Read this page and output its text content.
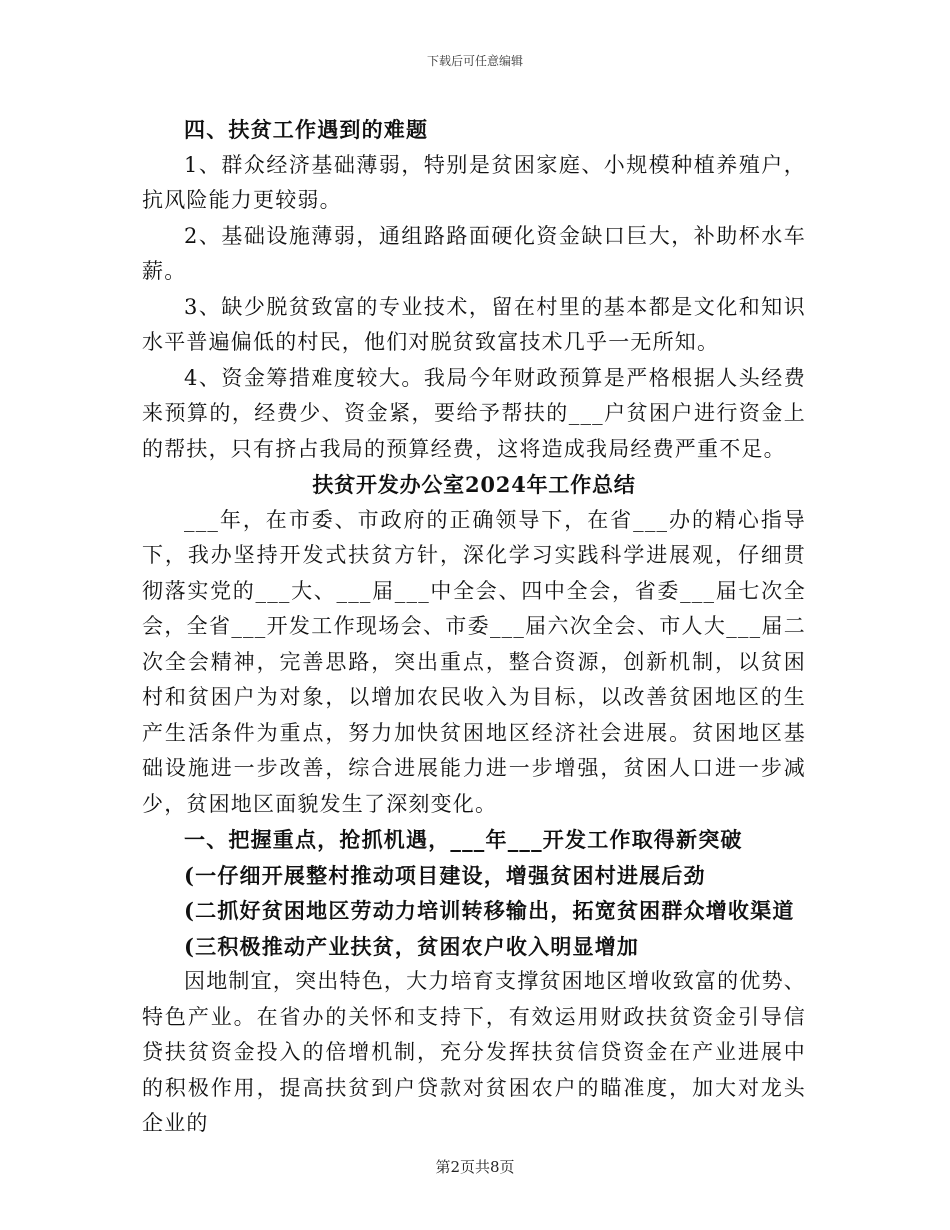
下载后可任意编辑

四、扶贫工作遇到的难题

1、群众经济基础薄弱，特别是贫困家庭、小规模种植养殖户，抗风险能力更较弱。

2、基础设施薄弱，通组路路面硬化资金缺口巨大，补助杯水车薪。

3、缺少脱贫致富的专业技术，留在村里的基本都是文化和知识水平普遍偏低的村民，他们对脱贫致富技术几乎一无所知。

4、资金筹措难度较大。我局今年财政预算是严格根据人头经费来预算的，经费少、资金紧，要给予帮扶的___户贫困户进行资金上的帮扶，只有挤占我局的预算经费，这将造成我局经费严重不足。

扶贫开发办公室2024年工作总结

___年，在市委、市政府的正确领导下，在省___办的精心指导下，我办坚持开发式扶贫方针，深化学习实践科学进展观，仔细贯彻落实党的___大、___届___中全会、四中全会，省委___届七次全会，全省___开发工作现场会、市委___届六次全会、市人大___届二次全会精神，完善思路，突出重点，整合资源，创新机制，以贫困村和贫困户为对象，以增加农民收入为目标，以改善贫困地区的生产生活条件为重点，努力加快贫困地区经济社会进展。贫困地区基础设施进一步改善，综合进展能力进一步增强，贫困人口进一步减少，贫困地区面貌发生了深刻变化。

一、把握重点，抢抓机遇，___年___开发工作取得新突破

(一仔细开展整村推动项目建设，增强贫困村进展后劲

(二抓好贫困地区劳动力培训转移输出，拓宽贫困群众增收渠道

(三积极推动产业扶贫，贫困农户收入明显增加

因地制宜，突出特色，大力培育支撑贫困地区增收致富的优势、特色产业。在省办的关怀和支持下，有效运用财政扶贫资金引导信贷扶贫资金投入的倍增机制，充分发挥扶贫信贷资金在产业进展中的积极作用，提高扶贫到户贷款对贫困农户的瞄准度，加大对龙头企业的

第2页共8页
